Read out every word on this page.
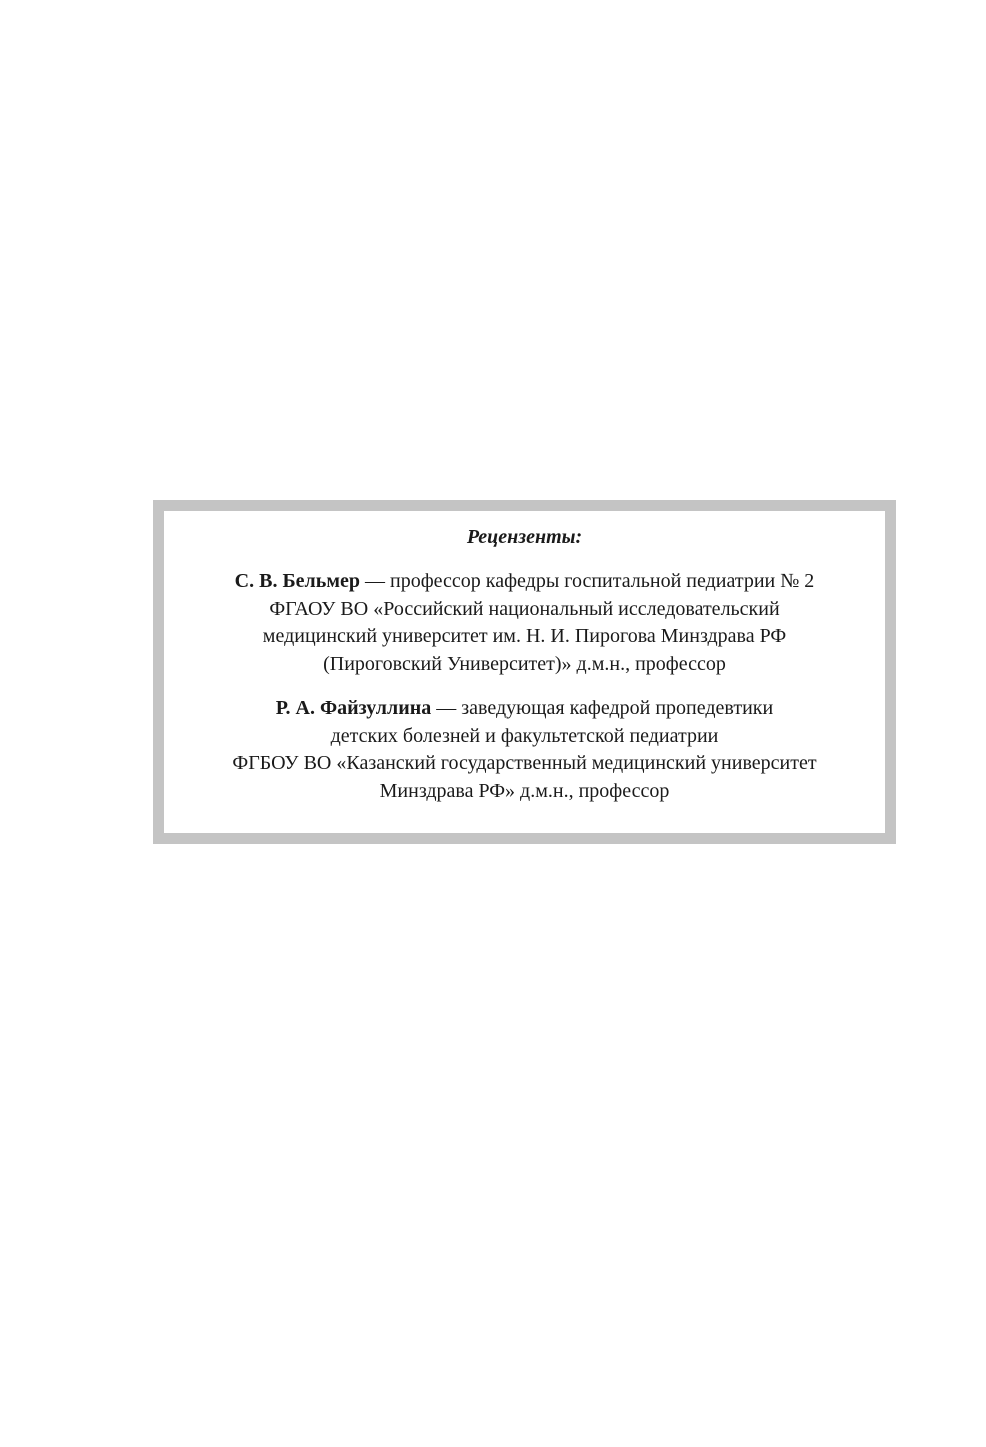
Рецензенты:

С. В. Бельмер — профессор кафедры госпитальной педиатрии № 2
ФГАОУ ВО «Российский национальный исследовательский
медицинский университет им. Н. И. Пирогова Минздрава РФ
(Пироговский Университет)» д.м.н., профессор

Р. А. Файзуллина — заведующая кафедрой пропедевтики
детских болезней и факультетской педиатрии
ФГБОУ ВО «Казанский государственный медицинский университет
Минздрава РФ» д.м.н., профессор
